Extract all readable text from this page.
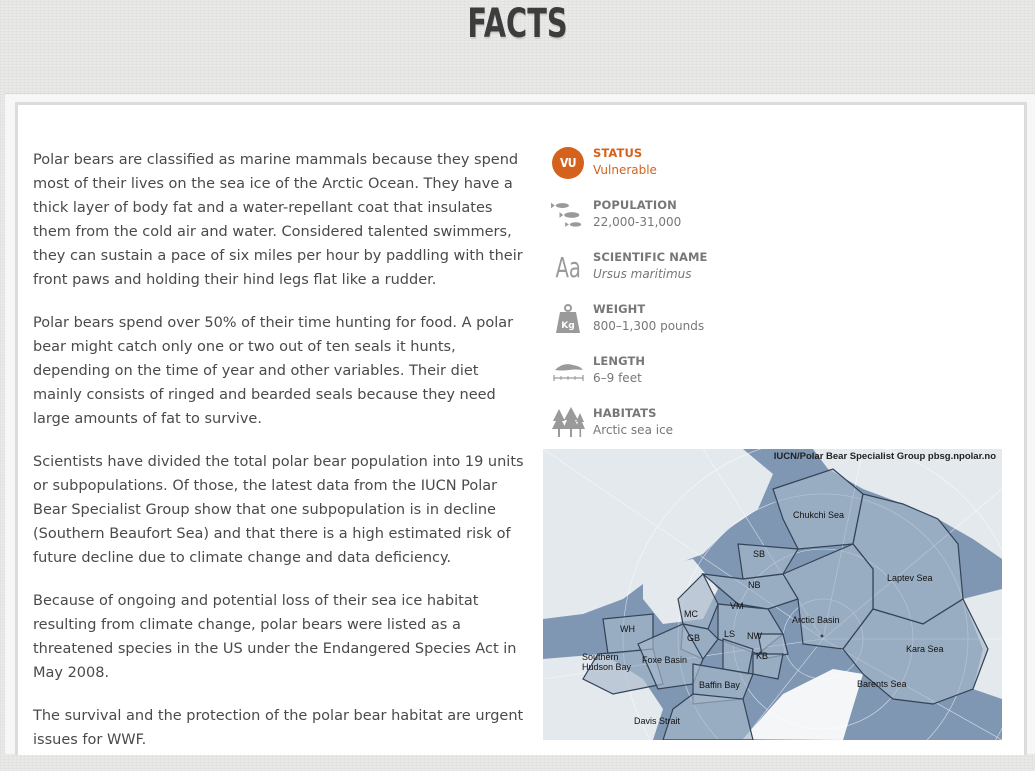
FACTS

Polar bears are classified as marine mammals because they spend most of their lives on the sea ice of the Arctic Ocean. They have a thick layer of body fat and a water-repellant coat that insulates them from the cold air and water. Considered talented swimmers, they can sustain a pace of six miles per hour by paddling with their front paws and holding their hind legs flat like a rudder.

Polar bears spend over 50% of their time hunting for food. A polar bear might catch only one or two out of ten seals it hunts, depending on the time of year and other variables. Their diet mainly consists of ringed and bearded seals because they need large amounts of fat to survive.

Scientists have divided the total polar bear population into 19 units or subpopulations. Of those, the latest data from the IUCN Polar Bear Specialist Group show that one subpopulation is in decline (Southern Beaufort Sea) and that there is a high estimated risk of future decline due to climate change and data deficiency.

Because of ongoing and potential loss of their sea ice habitat resulting from climate change, polar bears were listed as a threatened species in the US under the Endangered Species Act in May 2008.

The survival and the protection of the polar bear habitat are urgent issues for WWF.

VU
STATUS
Vulnerable
POPULATION
22,000-31,000
Aa SCIENTIFIC NAME
Ursus maritimus
Kg
WEIGHT
800–1,300 pounds
LENGTH
6–9 feet
HABITATS
Arctic sea ice
IUCN/Polar Bear Specialist Group pbsg.npolar.no
Chukchi Sea
SB
Laptev Sea
NB
VM
MC
Arctic Basin
WH
GB	LS NW
KB
Kara Sea
Southern Hudson Bay
Foxe Basin
Baffin Bay	Barents Sea
Davis Strait
